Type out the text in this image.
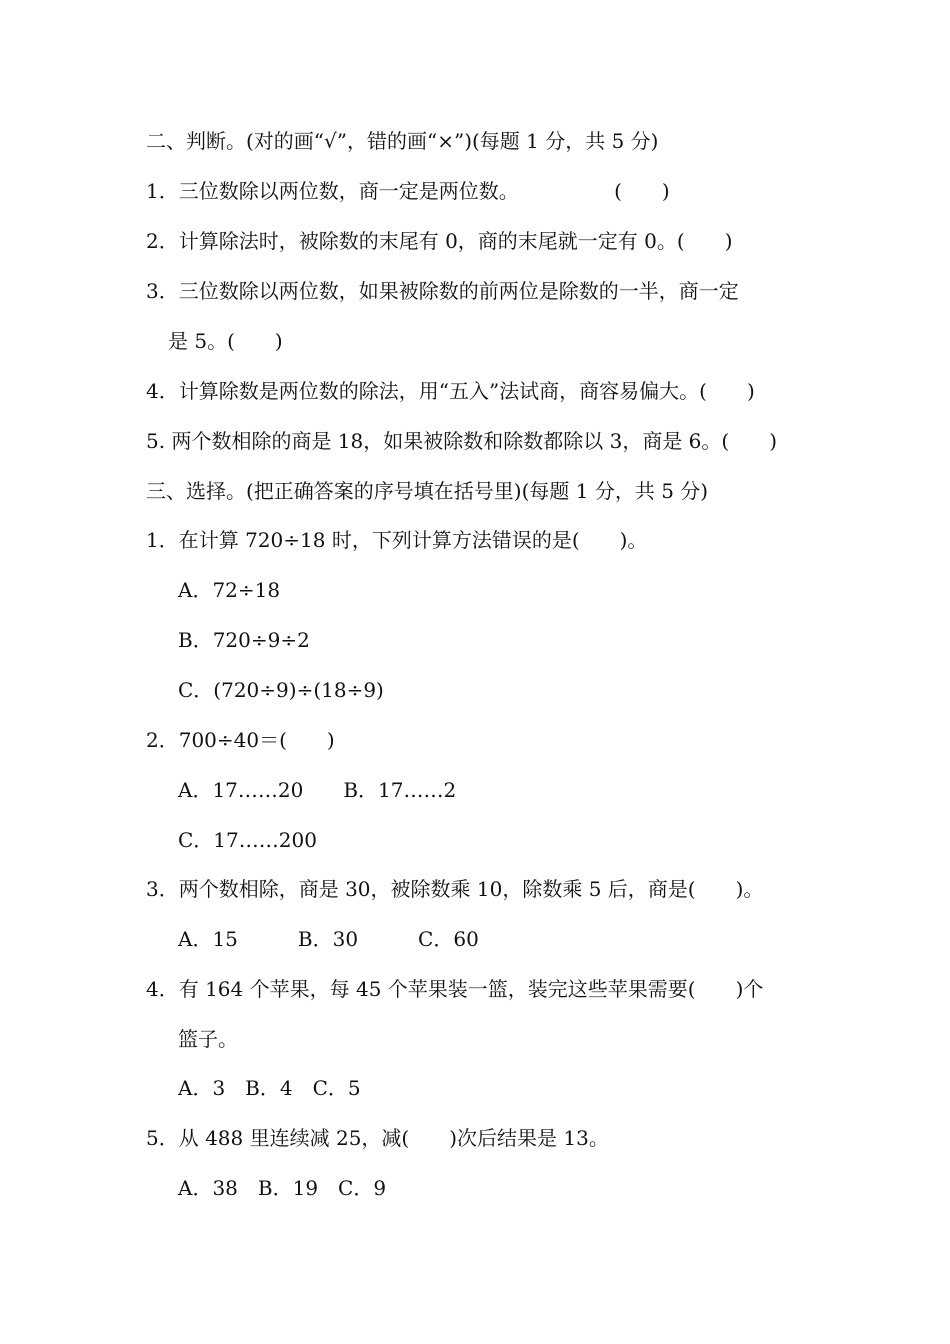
二、判断。(对的画“√”，错的画“×”)(每题 1 分，共 5 分)
1．三位数除以两位数，商一定是两位数。               (　　)
2．计算除法时，被除数的末尾有 0，商的末尾就一定有 0。(　　)
3．三位数除以两位数，如果被除数的前两位是除数的一半，商一定
是 5。(　　)
4．计算除数是两位数的除法，用“五入”法试商，商容易偏大。(　　)
5. 两个数相除的商是 18，如果被除数和除数都除以 3，商是 6。(　　)
三、选择。(把正确答案的序号填在括号里)(每题 1 分，共 5 分)
1．在计算 720÷18 时，下列计算方法错误的是(　　)。
A．72÷18
B．720÷9÷2
C．(720÷9)÷(18÷9)
2．700÷40＝(　　)
A．17……20　　B．17……2
C．17……200
3．两个数相除，商是 30，被除数乘 10，除数乘 5 后，商是(　　)。
A．15　　　B．30　　　C．60
4．有 164 个苹果，每 45 个苹果装一篮，装完这些苹果需要(　　)个
篮子。
A．3　B．4　C．5
5．从 488 里连续减 25，减(　　)次后结果是 13。
A．38　B．19　C．9
